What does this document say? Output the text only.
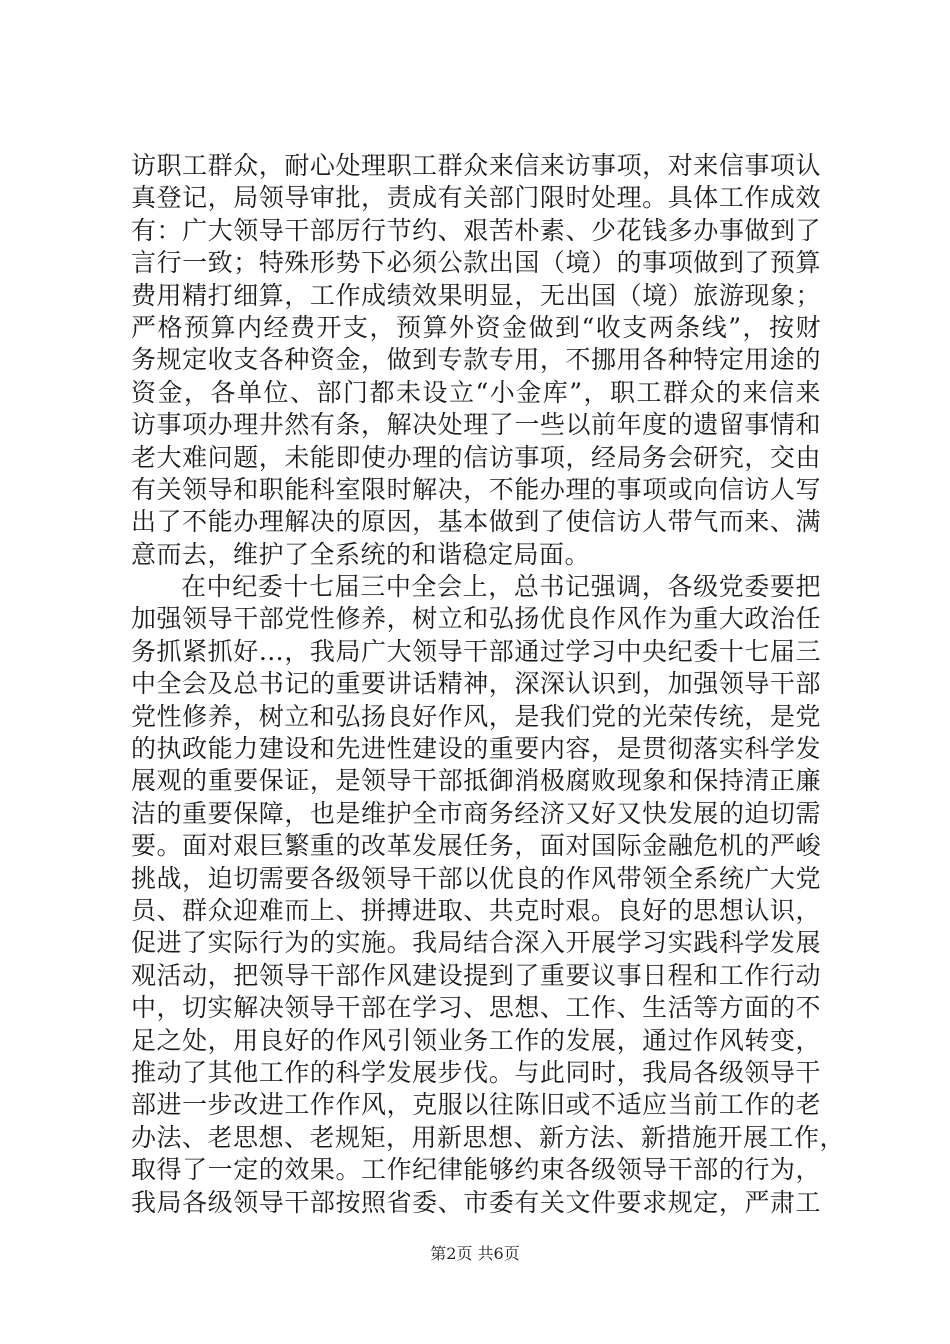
访职工群众，耐心处理职工群众来信来访事项，对来信事项认
真登记，局领导审批，责成有关部门限时处理。具体工作成效
有：广大领导干部厉行节约、艰苦朴素、少花钱多办事做到了
言行一致；特殊形势下必须公款出国（境）的事项做到了预算
费用精打细算，工作成绩效果明显，无出国（境）旅游现象；
严格预算内经费开支，预算外资金做到“收支两条线”，按财
务规定收支各种资金，做到专款专用，不挪用各种特定用途的
资金，各单位、部门都未设立“小金库”，职工群众的来信来
访事项办理井然有条，解决处理了一些以前年度的遗留事情和
老大难问题，未能即使办理的信访事项，经局务会研究，交由
有关领导和职能科室限时解决，不能办理的事项或向信访人写
出了不能办理解决的原因，基本做到了使信访人带气而来、满
意而去，维护了全系统的和谐稳定局面。
在中纪委十七届三中全会上，总书记强调，各级党委要把
加强领导干部党性修养，树立和弘扬优良作风作为重大政治任
务抓紧抓好…，我局广大领导干部通过学习中央纪委十七届三
中全会及总书记的重要讲话精神，深深认识到，加强领导干部
党性修养，树立和弘扬良好作风，是我们党的光荣传统，是党
的执政能力建设和先进性建设的重要内容，是贯彻落实科学发
展观的重要保证，是领导干部抵御消极腐败现象和保持清正廉
洁的重要保障，也是维护全市商务经济又好又快发展的迫切需
要。面对艰巨繁重的改革发展任务，面对国际金融危机的严峻
挑战，迫切需要各级领导干部以优良的作风带领全系统广大党
员、群众迎难而上、拼搏进取、共克时艰。良好的思想认识，
促进了实际行为的实施。我局结合深入开展学习实践科学发展
观活动，把领导干部作风建设提到了重要议事日程和工作行动
中，切实解决领导干部在学习、思想、工作、生活等方面的不
足之处，用良好的作风引领业务工作的发展，通过作风转变，
推动了其他工作的科学发展步伐。与此同时，我局各级领导干
部进一步改进工作作风，克服以往陈旧或不适应当前工作的老
办法、老思想、老规矩，用新思想、新方法、新措施开展工作，
取得了一定的效果。工作纪律能够约束各级领导干部的行为，
我局各级领导干部按照省委、市委有关文件要求规定，严肃工
第2页 共6页
